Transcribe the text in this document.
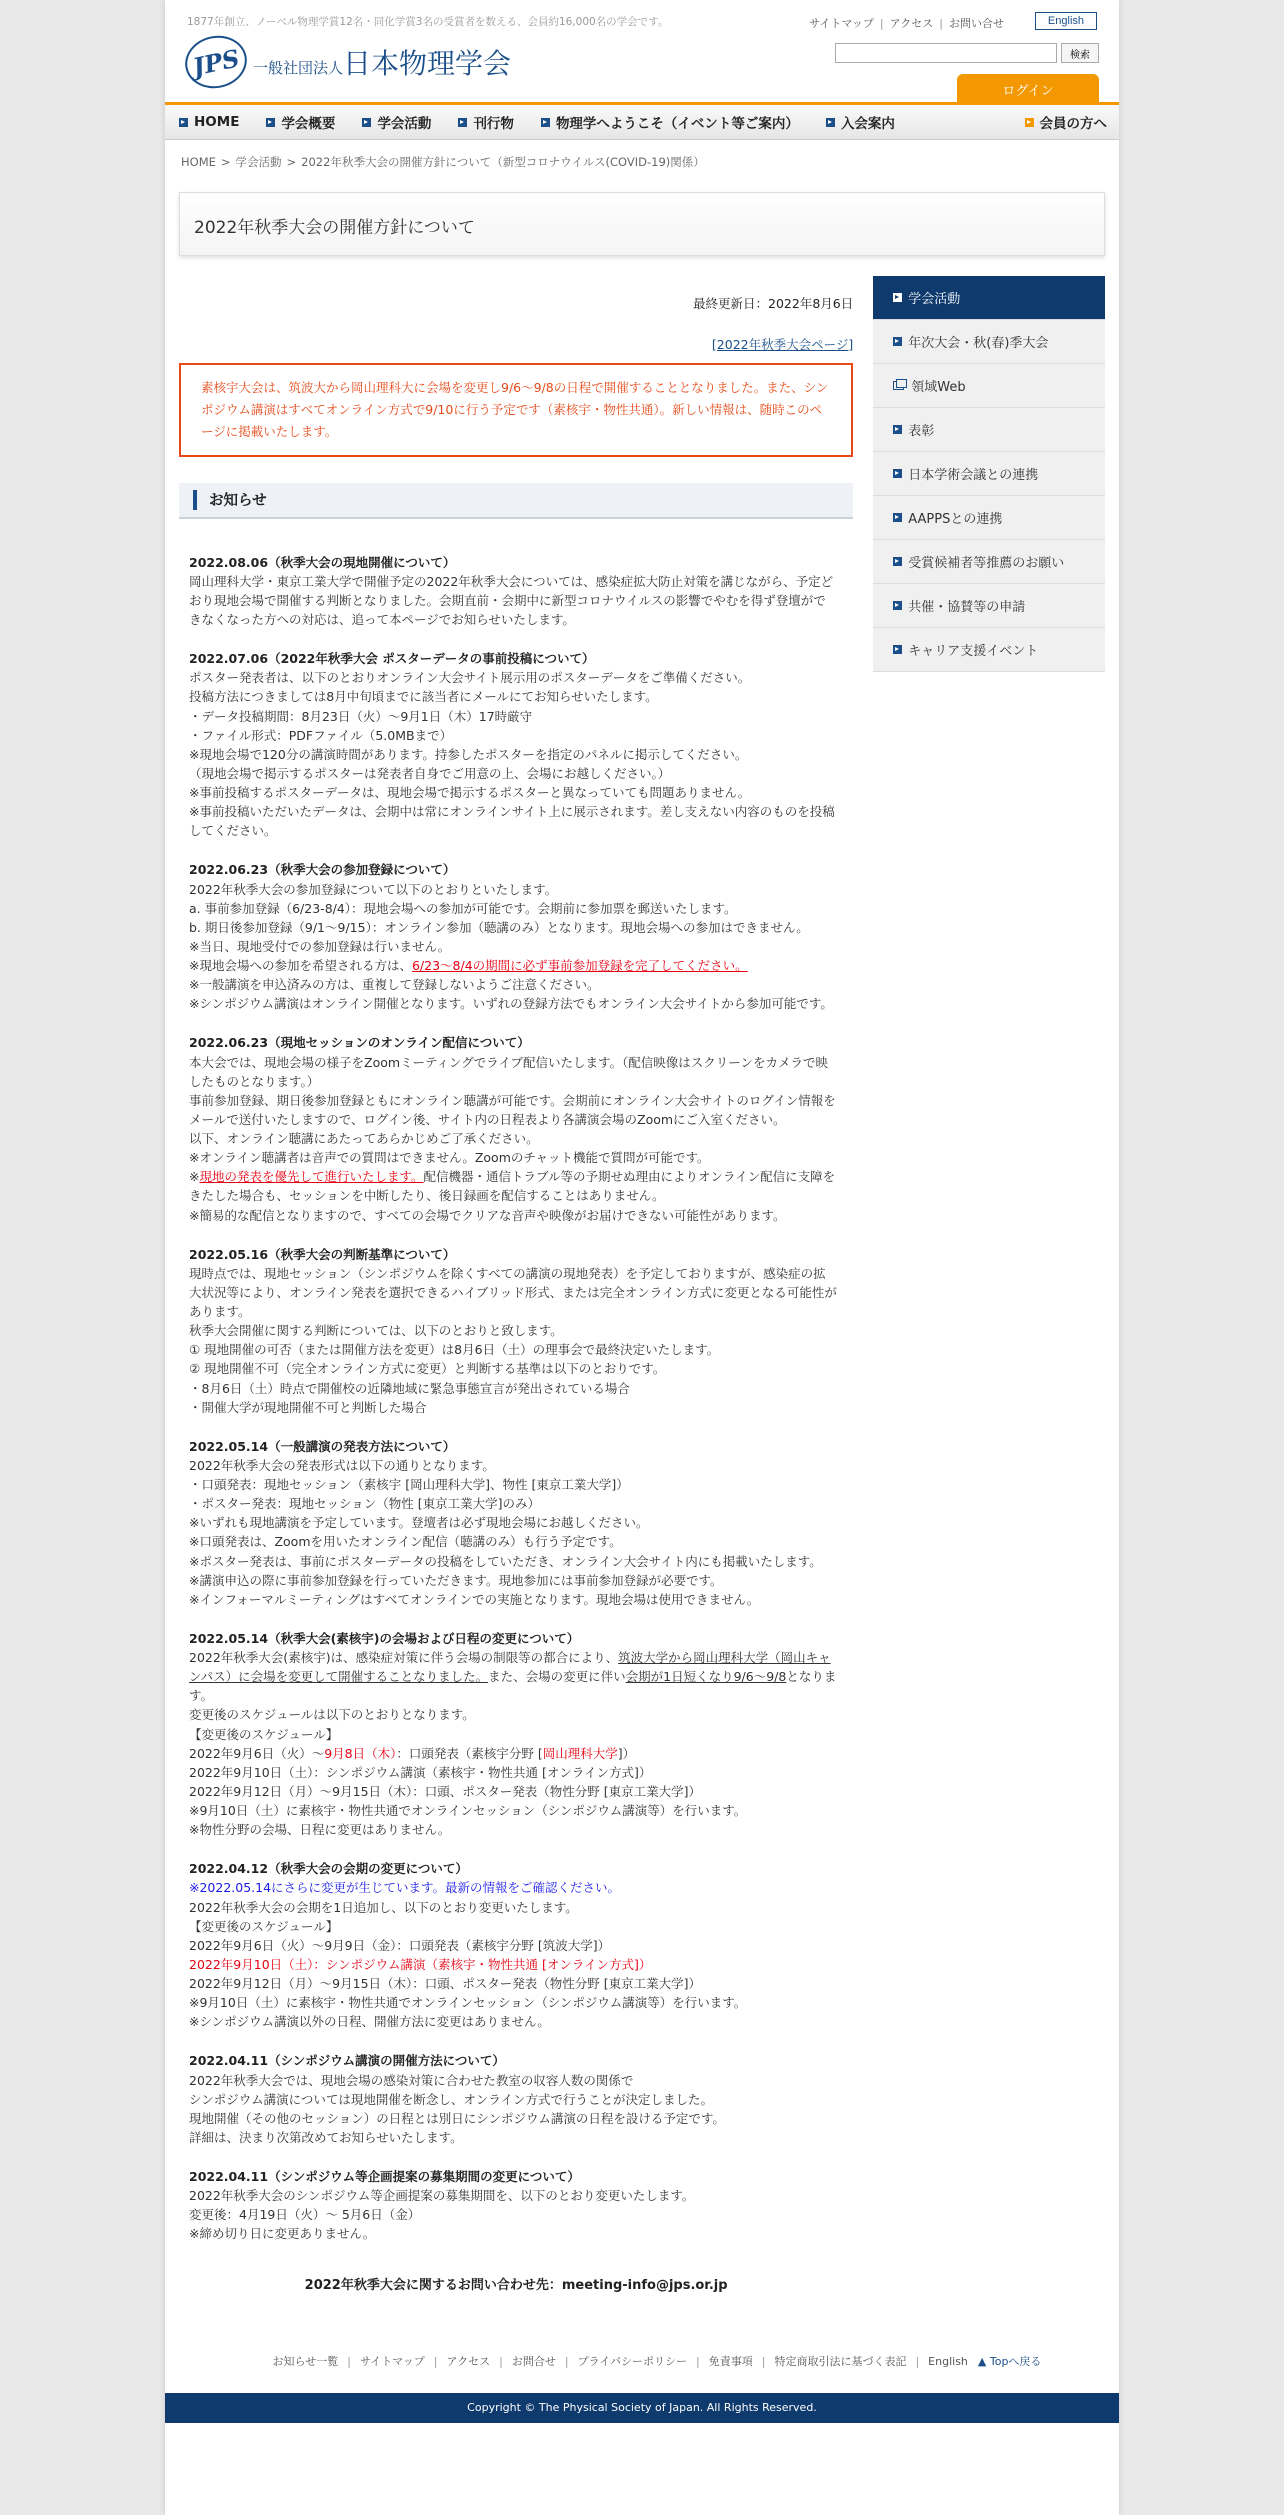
1877年創立、ノーベル物理学賞12名・同化学賞3名の受賞者を数える、会員約16,000名の学会です。	サイトマップ | アクセス | お問い合せ	English
JPS 一般社団法人日本物理学会	検索
ログイン
HOME	学会概要	学会活動	刊行物	物理学へようこそ（イベント等ご案内）	入会案内	会員の方へ
HOME > 学会活動 > 2022年秋季大会の開催方針について（新型コロナウイルス(COVID-19)関係）
2022年秋季大会の開催方針について
最終更新日：2022年8月6日
[2022年秋季大会ページ]
素核宇大会は、筑波大から岡山理科大に会場を変更し9/6～9/8の日程で開催することとなりました。また、シンポジウム講演はすべてオンライン方式で9/10に行う予定です（素核宇・物性共通）。新しい情報は、随時このページに掲載いたします。
お知らせ
2022.08.06（秋季大会の現地開催について）
岡山理科大学・東京工業大学で開催予定の2022年秋季大会については、感染症拡大防止対策を講じながら、予定どおり現地会場で開催する判断となりました。会期直前・会期中に新型コロナウイルスの影響でやむを得ず登壇ができなくなった方への対応は、追って本ページでお知らせいたします。
2022.07.06（2022年秋季大会 ポスターデータの事前投稿について）
ポスター発表者は、以下のとおりオンライン大会サイト展示用のポスターデータをご準備ください。
投稿方法につきましては8月中旬頃までに該当者にメールにてお知らせいたします。
・データ投稿期間：8月23日（火）～9月1日（木）17時厳守
・ファイル形式：PDFファイル（5.0MBまで）
※現地会場で120分の講演時間があります。持参したポスターを指定のパネルに掲示してください。
（現地会場で掲示するポスターは発表者自身でご用意の上、会場にお越しください。）
※事前投稿するポスターデータは、現地会場で掲示するポスターと異なっていても問題ありません。
※事前投稿いただいたデータは、会期中は常にオンラインサイト上に展示されます。差し支えない内容のものを投稿してください。
2022.06.23（秋季大会の参加登録について）
2022年秋季大会の参加登録について以下のとおりといたします。
a. 事前参加登録（6/23-8/4）：現地会場への参加が可能です。会期前に参加票を郵送いたします。
b. 期日後参加登録（9/1～9/15）：オンライン参加（聴講のみ）となります。現地会場への参加はできません。
※当日、現地受付での参加登録は行いません。
※現地会場への参加を希望される方は、6/23～8/4の期間に必ず事前参加登録を完了してください。
※一般講演を申込済みの方は、重複して登録しないようご注意ください。
※シンポジウム講演はオンライン開催となります。いずれの登録方法でもオンライン大会サイトから参加可能です。
2022.06.23（現地セッションのオンライン配信について）
本大会では、現地会場の様子をZoomミーティングでライブ配信いたします。（配信映像はスクリーンをカメラで映したものとなります。）
事前参加登録、期日後参加登録ともにオンライン聴講が可能です。会期前にオンライン大会サイトのログイン情報をメールで送付いたしますので、ログイン後、サイト内の日程表より各講演会場のZoomにご入室ください。
以下、オンライン聴講にあたってあらかじめご了承ください。
※オンライン聴講者は音声での質問はできません。Zoomのチャット機能で質問が可能です。
※現地の発表を優先して進行いたします。配信機器・通信トラブル等の予期せぬ理由によりオンライン配信に支障をきたした場合も、セッションを中断したり、後日録画を配信することはありません。
※簡易的な配信となりますので、すべての会場でクリアな音声や映像がお届けできない可能性があります。
2022.05.16（秋季大会の判断基準について）
現時点では、現地セッション（シンポジウムを除くすべての講演の現地発表）を予定しておりますが、感染症の拡大状況等により、オンライン発表を選択できるハイブリッド形式、または完全オンライン方式に変更となる可能性があります。
秋季大会開催に関する判断については、以下のとおりと致します。
① 現地開催の可否（または開催方法を変更）は8月6日（土）の理事会で最終決定いたします。
② 現地開催不可（完全オンライン方式に変更）と判断する基準は以下のとおりです。
・8月6日（土）時点で開催校の近隣地域に緊急事態宣言が発出されている場合
・開催大学が現地開催不可と判断した場合
2022.05.14（一般講演の発表方法について）
2022年秋季大会の発表形式は以下の通りとなります。
・口頭発表：現地セッション（素核宇 [岡山理科大学]、物性 [東京工業大学]）
・ポスター発表：現地セッション（物性 [東京工業大学]のみ）
※いずれも現地講演を予定しています。登壇者は必ず現地会場にお越しください。
※口頭発表は、Zoomを用いたオンライン配信（聴講のみ）も行う予定です。
※ポスター発表は、事前にポスターデータの投稿をしていただき、オンライン大会サイト内にも掲載いたします。
※講演申込の際に事前参加登録を行っていただきます。現地参加には事前参加登録が必要です。
※インフォーマルミーティングはすべてオンラインでの実施となります。現地会場は使用できません。
2022.05.14（秋季大会(素核宇)の会場および日程の変更について）
2022年秋季大会(素核宇)は、感染症対策に伴う会場の制限等の都合により、筑波大学から岡山理科大学（岡山キャンパス）に会場を変更して開催することなりました。また、会場の変更に伴い会期が1日短くなり9/6～9/8となります。
変更後のスケジュールは以下のとおりとなります。
【変更後のスケジュール】
2022年9月6日（火）～9月8日（木）：口頭発表（素核宇分野 [岡山理科大学]）
2022年9月10日（土）：シンポジウム講演（素核宇・物性共通 [オンライン方式]）
2022年9月12日（月）～9月15日（木）：口頭、ポスター発表（物性分野 [東京工業大学]）
※9月10日（土）に素核宇・物性共通でオンラインセッション（シンポジウム講演等）を行います。
※物性分野の会場、日程に変更はありません。
2022.04.12（秋季大会の会期の変更について）
※2022.05.14にさらに変更が生じています。最新の情報をご確認ください。
2022年秋季大会の会期を1日追加し、以下のとおり変更いたします。
【変更後のスケジュール】
2022年9月6日（火）～9月9日（金）：口頭発表（素核宇分野 [筑波大学]）
2022年9月10日（土）：シンポジウム講演（素核宇・物性共通 [オンライン方式]）
2022年9月12日（月）～9月15日（木）：口頭、ポスター発表（物性分野 [東京工業大学]）
※9月10日（土）に素核宇・物性共通でオンラインセッション（シンポジウム講演等）を行います。
※シンポジウム講演以外の日程、開催方法に変更はありません。
2022.04.11（シンポジウム講演の開催方法について）
2022年秋季大会では、現地会場の感染対策に合わせた教室の収容人数の関係で
シンポジウム講演については現地開催を断念し、オンライン方式で行うことが決定しました。
現地開催（その他のセッション）の日程とは別日にシンポジウム講演の日程を設ける予定です。
詳細は、決まり次第改めてお知らせいたします。
2022.04.11（シンポジウム等企画提案の募集期間の変更について）
2022年秋季大会のシンポジウム等企画提案の募集期間を、以下のとおり変更いたします。
変更後：4月19日（火）～ 5月6日（金）
※締め切り日に変更ありません。
2022年秋季大会に関するお問い合わせ先：meeting-info@jps.or.jp
学会活動
年次大会・秋(春)季大会
領域Web
表彰
日本学術会議との連携
AAPPSとの連携
受賞候補者等推薦のお願い
共催・協賛等の申請
キャリア支援イベント
お知らせ一覧 | サイトマップ | アクセス | お問合せ | プライバシーポリシー | 免責事項 | 特定商取引法に基づく表記 | English ▲ Topへ戻る
Copyright © The Physical Society of Japan. All Rights Reserved.
